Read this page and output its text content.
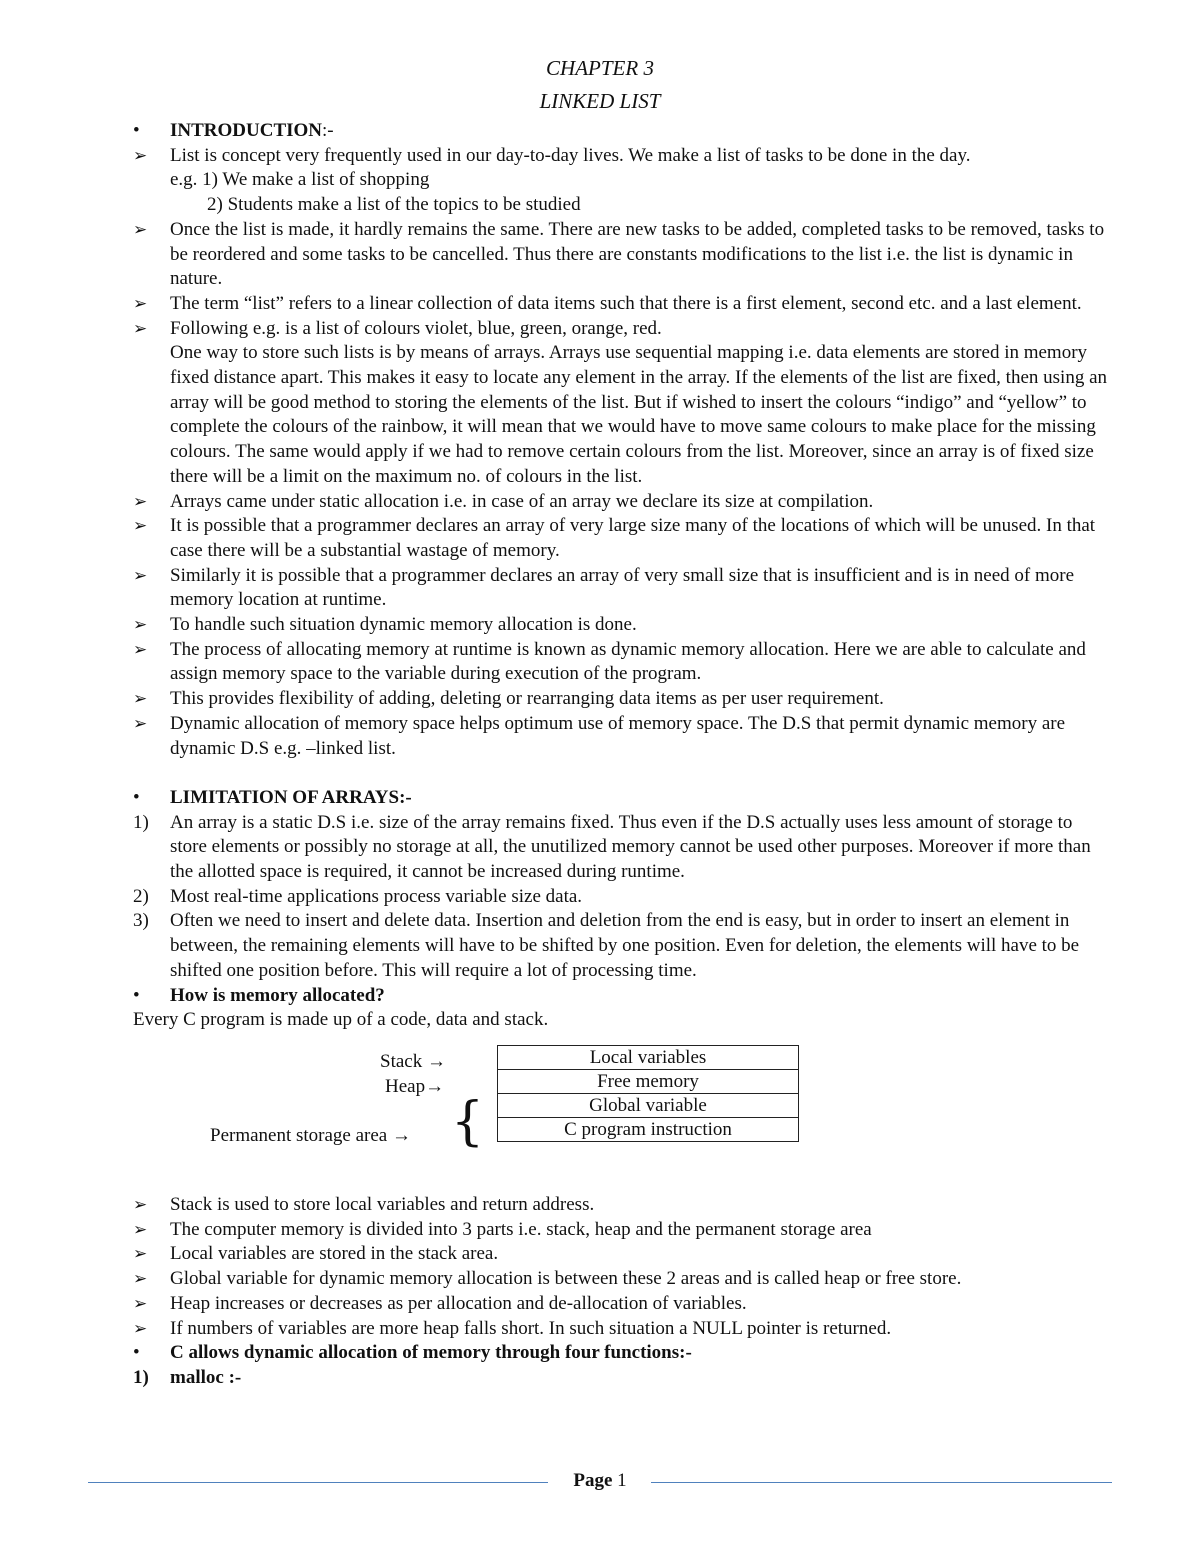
CHAPTER 3
LINKED LIST
•	INTRODUCTION:-
➢	List is concept very frequently used in our day-to-day lives. We make a list of tasks to be done in the day.
e.g. 1) We make a list of shopping
2) Students make a list of the topics to be studied
➢	Once the list is made, it hardly remains the same. There are new tasks to be added, completed tasks to be removed, tasks to be reordered and some tasks to be cancelled. Thus there are constants modifications to the list i.e. the list is dynamic in nature.
➢	The term “list” refers to a linear collection of data items such that there is a first element, second etc. and a last element.
➢	Following e.g. is a list of colours violet, blue, green, orange, red.
One way to store such lists is by means of arrays. Arrays use sequential mapping i.e. data elements are stored in memory fixed distance apart. This makes it easy to locate any element in the array. If the elements of the list are fixed, then using an array will be good method to storing the elements of the list. But if wished to insert the colours “indigo” and “yellow” to complete the colours of the rainbow, it will mean that we would have to move same colours to make place for the missing colours. The same would apply if we had to remove certain colours from the list. Moreover, since an array is of fixed size there will be a limit on the maximum no. of colours in the list.
➢	Arrays came under static allocation i.e. in case of an array we declare its size at compilation.
➢	It is possible that a programmer declares an array of very large size many of the locations of which will be unused. In that case there will be a substantial wastage of memory.
➢	Similarly it is possible that a programmer declares an array of very small size that is insufficient and is in need of more memory location at runtime.
➢	To handle such situation dynamic memory allocation is done.
➢	The process of allocating memory at runtime is known as dynamic memory allocation. Here we are able to calculate and assign memory space to the variable during execution of the program.
➢	This provides flexibility of adding, deleting or rearranging data items as per user requirement.
➢	Dynamic allocation of memory space helps optimum use of memory space. The D.S that permit dynamic memory are dynamic D.S e.g. –linked list.
•	LIMITATION OF ARRAYS:-
1)	An array is a static D.S i.e. size of the array remains fixed. Thus even if the D.S actually uses less amount of storage to store elements or possibly no storage at all, the unutilized memory cannot be used other purposes. Moreover if more than the allotted space is required, it cannot be increased during runtime.
2)	Most real-time applications process variable size data.
3)	Often we need to insert and delete data. Insertion and deletion from the end is easy, but in order to insert an element in between, the remaining elements will have to be shifted by one position. Even for deletion, the elements will have to be shifted one position before. This will require a lot of processing time.
•	How is memory allocated?
Every C program is made up of a code, data and stack.
Stack →
Heap→
Permanent storage area → {
Local variables
Free memory
Global variable
C program instruction
➢	Stack is used to store local variables and return address.
➢	The computer memory is divided into 3 parts i.e. stack, heap and the permanent storage area
➢	Local variables are stored in the stack area.
➢	Global variable for dynamic memory allocation is between these 2 areas and is called heap or free store.
➢	Heap increases or decreases as per allocation and de-allocation of variables.
➢	If numbers of variables are more heap falls short. In such situation a NULL pointer is returned.
•	C allows dynamic allocation of memory through four functions:-
1)	malloc :-
Page 1
